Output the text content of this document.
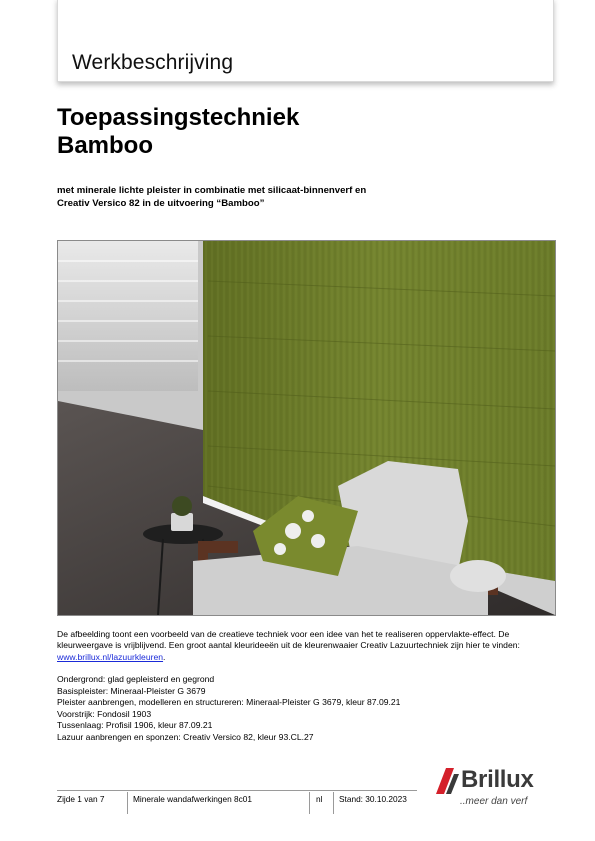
Werkbeschrijving
Toepassingstechniek
Bamboo
met minerale lichte pleister in combinatie met silicaat-binnenverf en
Creativ Versico 82 in de uitvoering “Bamboo”
De afbeelding toont een voorbeeld van de creatieve techniek voor een idee van het te realiseren oppervlakte-effect. De kleurweergave is vrijblijvend. Een groot aantal kleurideeën uit de kleurenwaaier Creativ Lazuurtechniek zijn hier te vinden: www.brillux.nl/lazuurkleuren.
Ondergrond: glad gepleisterd en gegrond
Basispleister: Mineraal-Pleister G 3679
Pleister aanbrengen, modelleren en structureren: Mineraal-Pleister G 3679, kleur 87.09.21
Voorstrijk: Fondosil 1903
Tussenlaag: Profisil 1906, kleur 87.09.21
Lazuur aanbrengen en sponzen: Creativ Versico 82, kleur 93.CL.27
Zijde 1 van 7	Minerale wandafwerkingen 8c01	nl Stand: 30.10.2023
Brillux
..meer dan verf
